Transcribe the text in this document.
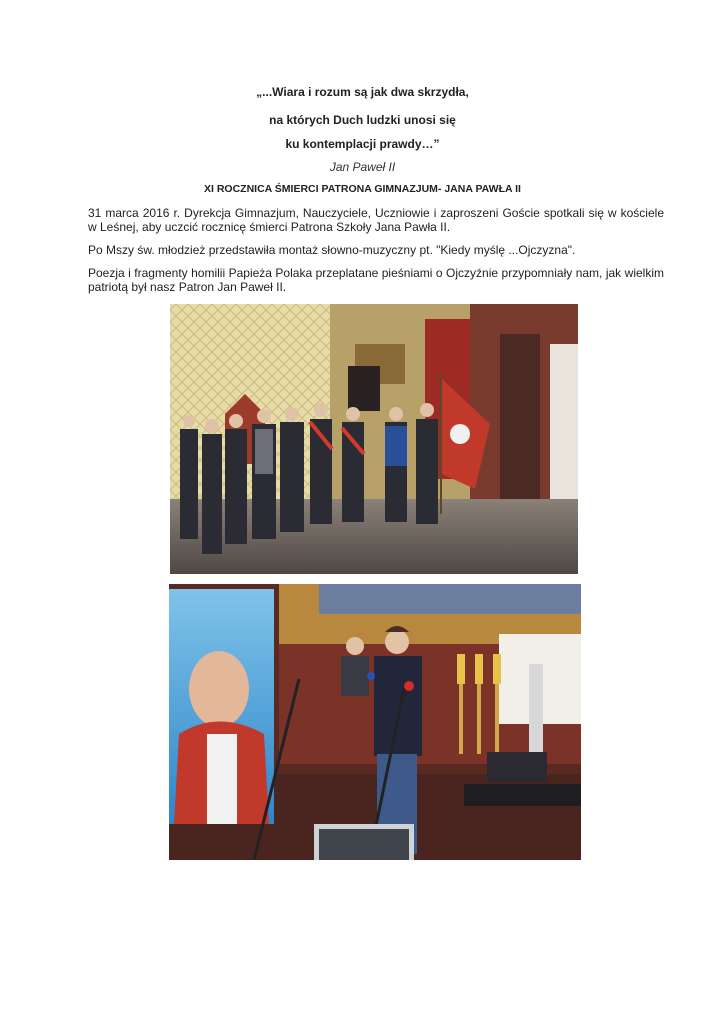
„...Wiara i rozum są jak dwa skrzydła,
na których Duch ludzki unosi się
ku kontemplacji prawdy…”
Jan Paweł II
XI ROCZNICA ŚMIERCI PATRONA GIMNAZJUM- JANA PAWŁA II
31 marca 2016 r. Dyrekcja Gimnazjum, Nauczyciele, Uczniowie i zaproszeni Goście spotkali się w kościele w Leśnej, aby uczcić rocznicę śmierci Patrona Szkoły Jana Pawła II.
Po Mszy św. młodzież przedstawiła montaż słowno-muzyczny pt. "Kiedy myślę ...Ojczyzna".
Poezja i fragmenty homilii Papieża Polaka przeplatane pieśniami o Ojczyźnie przypomniały nam, jak wielkim patriotą był nasz Patron Jan Paweł II.
